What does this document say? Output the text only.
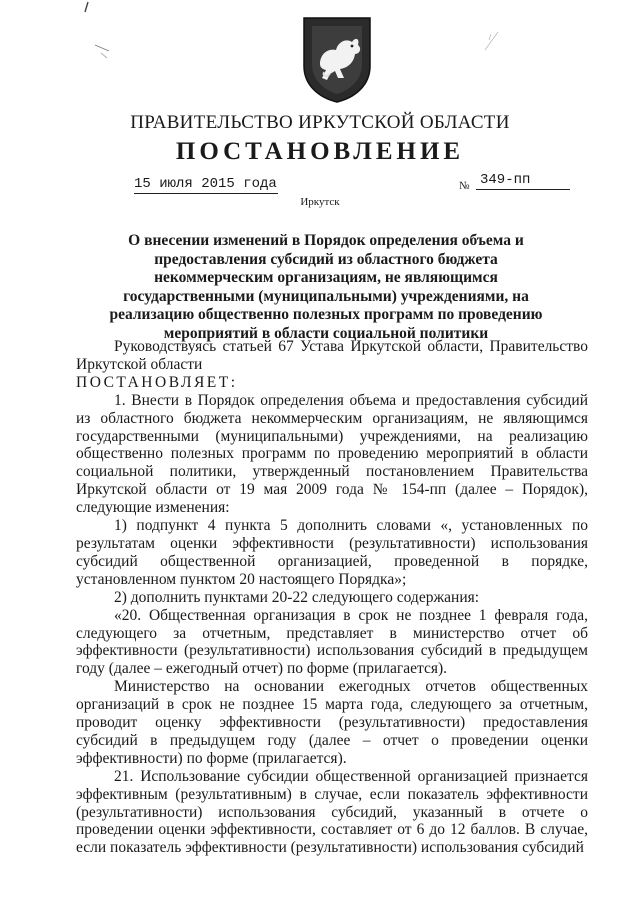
ПРАВИТЕЛЬСТВО ИРКУТСКОЙ ОБЛАСТИ
ПОСТАНОВЛЕНИЕ
15 июля 2015 года	№ 349-пп
Иркутск
О внесении изменений в Порядок определения объема и предоставления субсидий из областного бюджета некоммерческим организациям, не являющимся государственными (муниципальными) учреждениями, на реализацию общественно полезных программ по проведению мероприятий в области социальной политики

Руководствуясь статьей 67 Устава Иркутской области, Правительство Иркутской области

ПОСТАНОВЛЯЕТ:

1. Внести в Порядок определения объема и предоставления субсидий из областного бюджета некоммерческим организациям, не являющимся государственными (муниципальными) учреждениями, на реализацию общественно полезных программ по проведению мероприятий в области социальной политики, утвержденный постановлением Правительства Иркутской области от 19 мая 2009 года № 154-пп (далее – Порядок), следующие изменения:

1) подпункт 4 пункта 5 дополнить словами «, установленных по результатам оценки эффективности (результативности) использования субсидий общественной организацией, проведенной в порядке, установленном пунктом 20 настоящего Порядка»;

2) дополнить пунктами 20-22 следующего содержания:

«20. Общественная организация в срок не позднее 1 февраля года, следующего за отчетным, представляет в министерство отчет об эффективности (результативности) использования субсидий в предыдущем году (далее – ежегодный отчет) по форме (прилагается).

Министерство на основании ежегодных отчетов общественных организаций в срок не позднее 15 марта года, следующего за отчетным, проводит оценку эффективности (результативности) предоставления субсидий в предыдущем году (далее – отчет о проведении оценки эффективности) по форме (прилагается).

21. Использование субсидии общественной организацией признается эффективным (результативным) в случае, если показатель эффективности (результативности) использования субсидий, указанный в отчете о проведении оценки эффективности, составляет от 6 до 12 баллов. В случае, если показатель эффективности (результативности) использования субсидий
